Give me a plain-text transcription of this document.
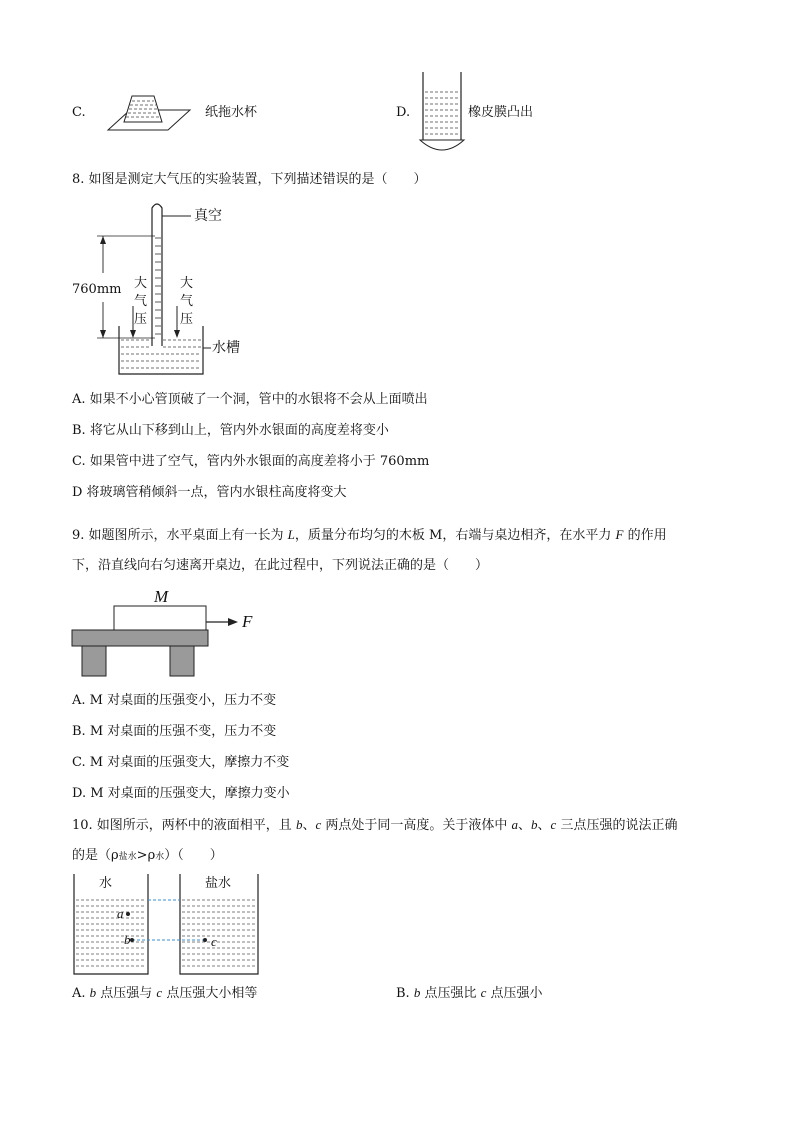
C.	纸拖水杯	D.	橡皮膜凸出
8. 如图是测定大气压的实验装置，下列描述错误的是（　　）
真空
760mm 大
气
压
大
气
压
水槽
A. 如果不小心管顶破了一个洞，管中的水银将不会从上面喷出
B. 将它从山下移到山上，管内外水银面的高度差将变小
C. 如果管中进了空气，管内外水银面的高度差将小于 760mm
D 将玻璃管稍倾斜一点，管内水银柱高度将变大
9. 如题图所示，水平桌面上有一长为 L，质量分布均匀的木板 M，右端与桌边相齐，在水平力 F 的作用
下，沿直线向右匀速离开桌边，在此过程中，下列说法正确的是（　　）
M
F
A. M 对桌面的压强变小，压力不变
B. M 对桌面的压强不变，压力不变
C. M 对桌面的压强变大，摩擦力不变
D. M 对桌面的压强变大，摩擦力变小
10. 如图所示，两杯中的液面相平，且 b、c 两点处于同一高度。关于液体中 a、b、c 三点压强的说法正确
的是（ρ盐水>ρ水）（　　）
水	盐水
a
b	c
A. b 点压强与 c 点压强大小相等	B. b 点压强比 c 点压强小
